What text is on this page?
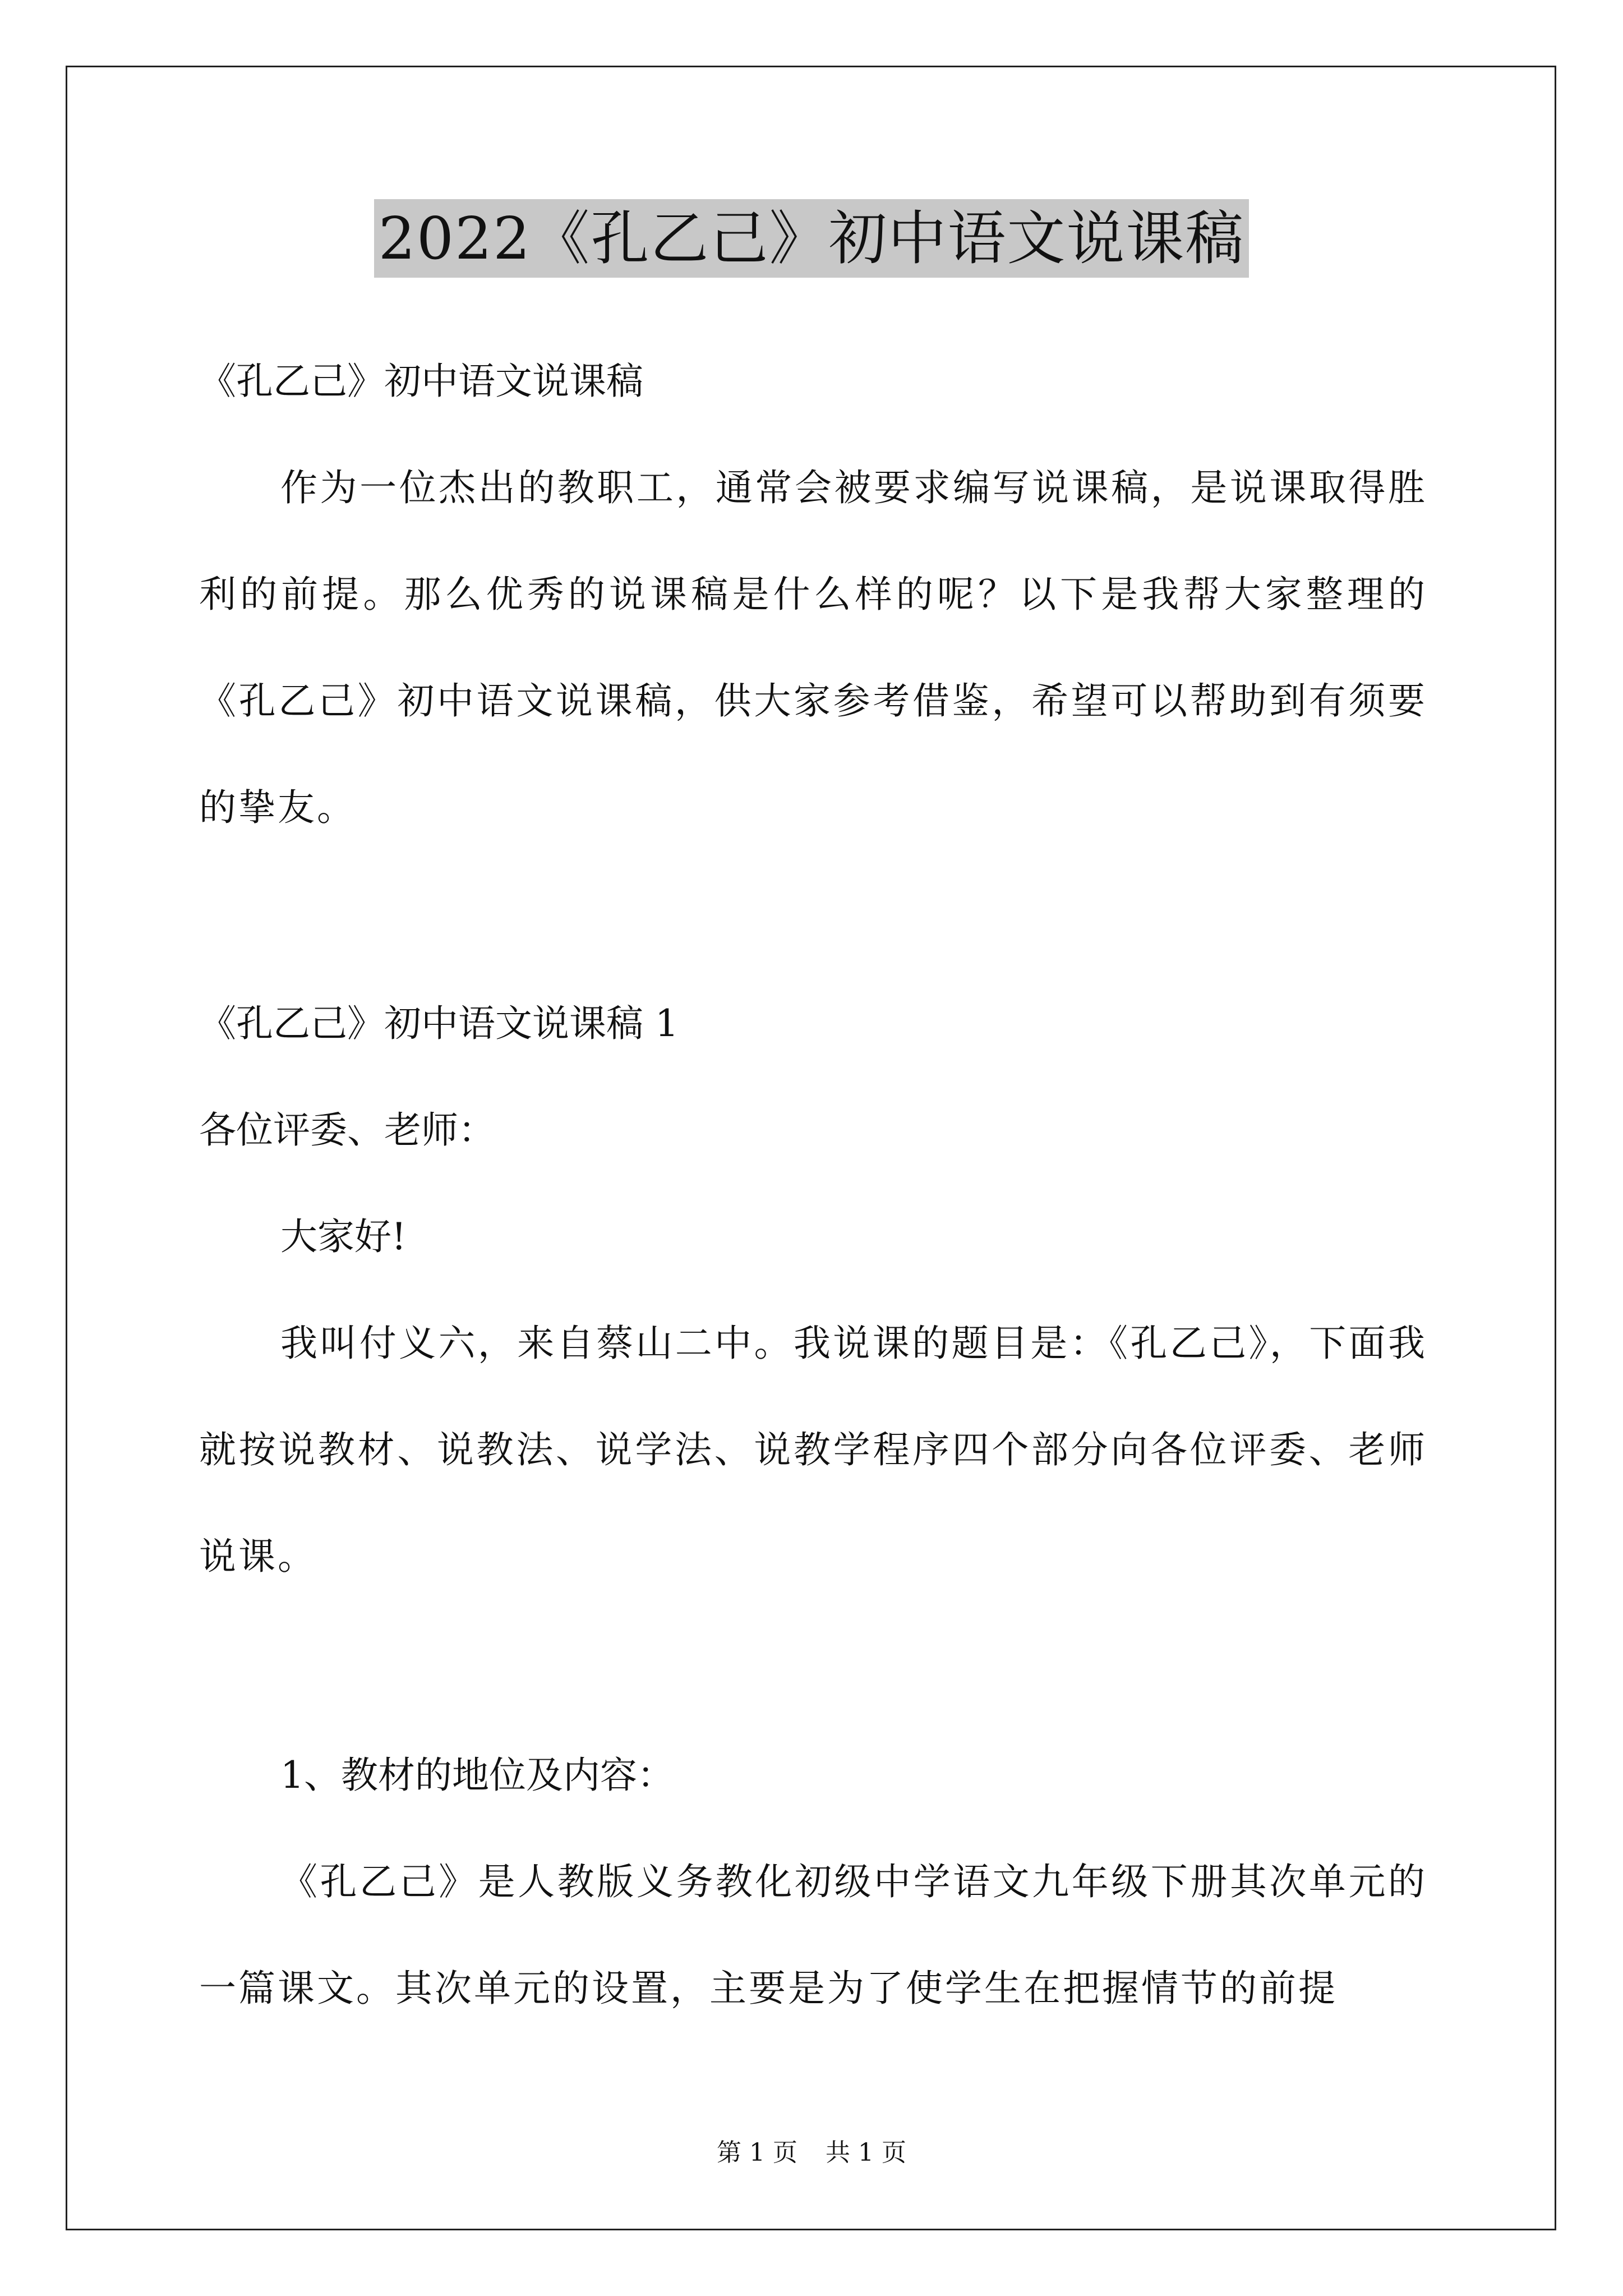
2022《孔乙己》初中语文说课稿

《孔乙己》初中语文说课稿

作为一位杰出的教职工，通常会被要求编写说课稿，是说课取得胜利的前提。那么优秀的说课稿是什么样的呢？以下是我帮大家整理的《孔乙己》初中语文说课稿，供大家参考借鉴，希望可以帮助到有须要的挚友。

《孔乙己》初中语文说课稿 1

各位评委、老师：

大家好!

我叫付义六，来自蔡山二中。我说课的题目是：《孔乙己》，下面我就按说教材、说教法、说学法、说教学程序四个部分向各位评委、老师说课。

1、教材的地位及内容：

《孔乙己》是人教版义务教化初级中学语文九年级下册其次单元的一篇课文。其次单元的设置，主要是为了使学生在把握情节的前提

第 1 页 共 1 页
